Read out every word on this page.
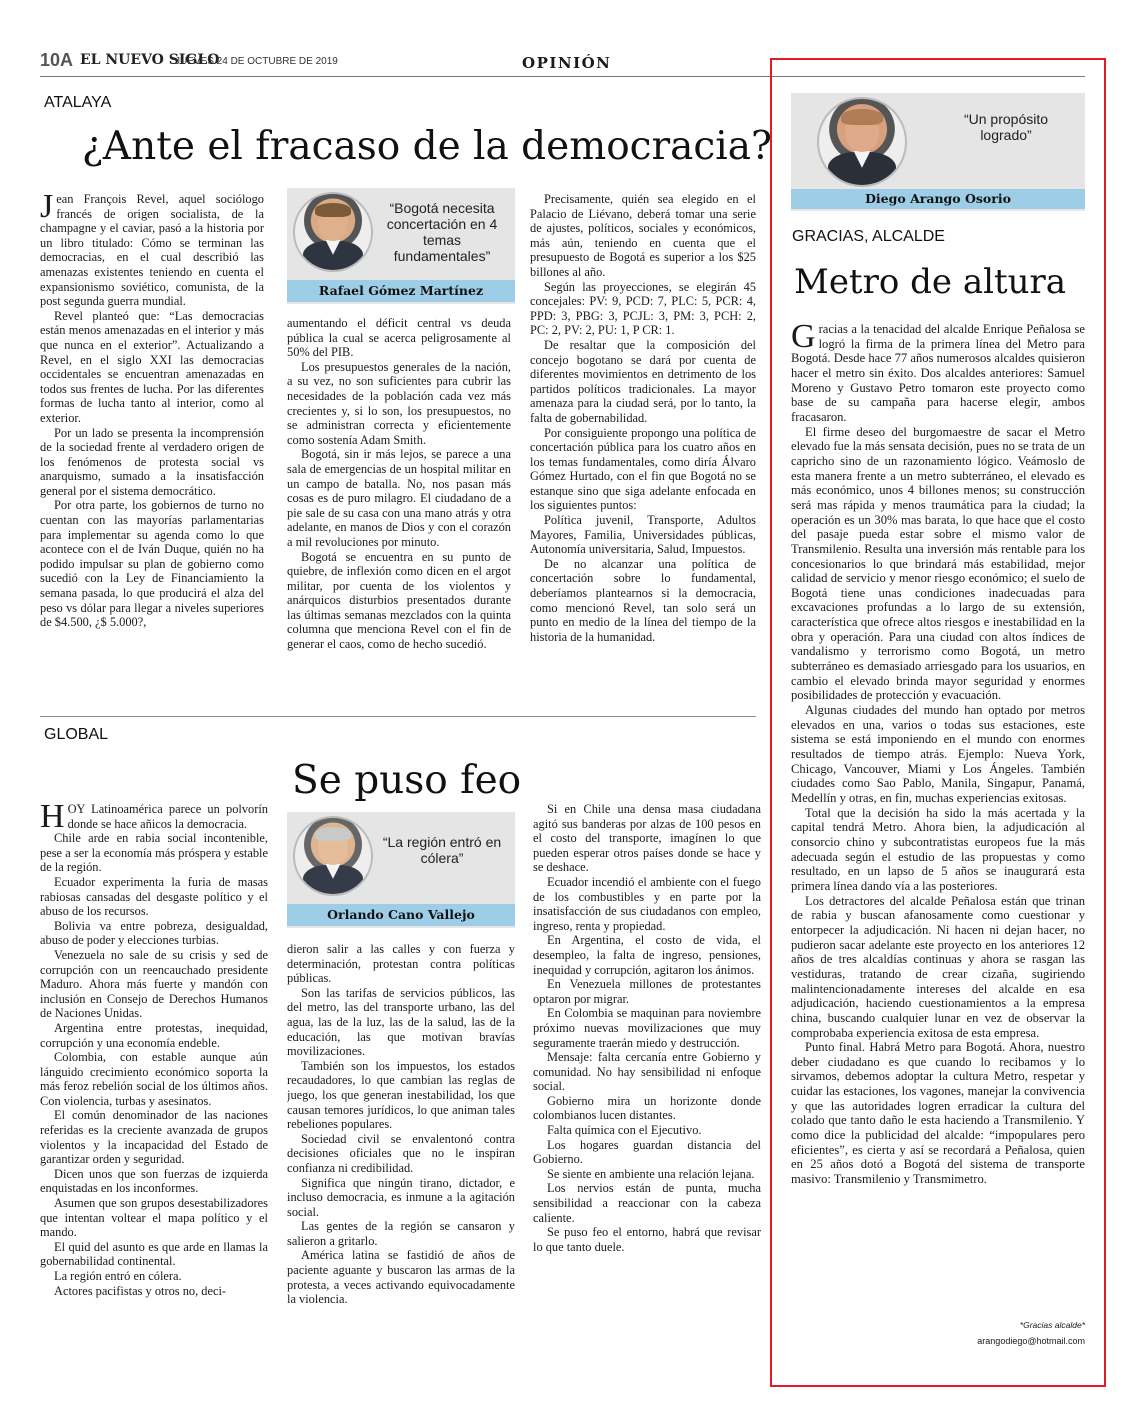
10A EL NUEVO SIGLO
JUEVES 24 DE OCTUBRE DE 2019	OPINIÓN
ATALAYA
¿Ante el fracaso de la democracia?

Jean François Revel, aquel sociólogo francés de origen socialista, de la champagne y el caviar, pasó a la historia por un libro titulado: Cómo se terminan las democracias, en el cual describió las amenazas existentes teniendo en cuenta el expansionismo soviético, comunista, de la post segunda guerra mundial.

Revel planteó que: “Las democracias están menos amenazadas en el interior y más que nunca en el exterior”. Actualizando a Revel, en el siglo XXI las democracias occidentales se encuentran amenazadas en todos sus frentes de lucha. Por las diferentes formas de lucha tanto al interior, como al exterior.

Por un lado se presenta la incomprensión de la sociedad frente al verdadero origen de los fenómenos de protesta social vs anarquismo, sumado a la insatisfacción general por el sistema democrático.

Por otra parte, los gobiernos de turno no cuentan con las mayorías parlamentarias para implementar su agenda como lo que acontece con el de Iván Duque, quién no ha podido impulsar su plan de gobierno como sucedió con la Ley de Financiamiento la semana pasada, lo que producirá el alza del peso vs dólar para llegar a niveles superiores de $4.500, ¿$ 5.000?,

“Bogotá necesita concertación en 4 temas fundamentales”
Rafael Gómez Martínez

aumentando el déficit central vs deuda pública la cual se acerca peligrosamente al 50% del PIB.

Los presupuestos generales de la nación, a su vez, no son suficientes para cubrir las necesidades de la población cada vez más crecientes y, si lo son, los presupuestos, no se administran correcta y eficientemente como sostenía Adam Smith.

Bogotá, sin ir más lejos, se parece a una sala de emergencias de un hospital militar en un campo de batalla. No, nos pasan más cosas es de puro milagro. El ciudadano de a pie sale de su casa con una mano atrás y otra adelante, en manos de Dios y con el corazón a mil revoluciones por minuto.

Bogotá se encuentra en su punto de quiebre, de inflexión como dicen en el argot militar, por cuenta de los violentos y anárquicos disturbios presentados durante las últimas semanas mezclados con la quinta columna que menciona Revel con el fin de generar el caos, como de hecho sucedió.

Precisamente, quién sea elegido en el Palacio de Liévano, deberá tomar una serie de ajustes, políticos, sociales y económicos, más aún, teniendo en cuenta que el presupuesto de Bogotá es superior a los $25 billones al año.

Según las proyecciones, se elegirán 45 concejales: PV: 9, PCD: 7, PLC: 5, PCR: 4, PPD: 3, PBG: 3, PCJL: 3, PM: 3, PCH: 2, PC: 2, PV: 2, PU: 1, P CR: 1.

De resaltar que la composición del concejo bogotano se dará por cuenta de diferentes movimientos en detrimento de los partidos políticos tradicionales. La mayor amenaza para la ciudad será, por lo tanto, la falta de gobernabilidad.

Por consiguiente propongo una política de concertación pública para los cuatro años en los temas fundamentales, como diría Álvaro Gómez Hurtado, con el fin que Bogotá no se estanque sino que siga adelante enfocada en los siguientes puntos:

Política juvenil, Transporte, Adultos Mayores, Familia, Universidades públicas, Autonomía universitaria, Salud, Impuestos.

De no alcanzar una política de concertación sobre lo fundamental, deberíamos plantearnos si la democracia, como mencionó Revel, tan solo será un punto en medio de la línea del tiempo de la historia de la humanidad.

GLOBAL
Se puso feo

HOY Latinoamérica parece un polvorín donde se hace añicos la democracia.

Chile arde en rabia social incontenible, pese a ser la economía más próspera y estable de la región.

Ecuador experimenta la furia de masas rabiosas cansadas del desgaste político y el abuso de los recursos.

Bolivia va entre pobreza, desigualdad, abuso de poder y elecciones turbias.

Venezuela no sale de su crisis y sed de corrupción con un reencauchado presidente Maduro. Ahora más fuerte y mandón con inclusión en Consejo de Derechos Humanos de Naciones Unidas.

Argentina entre protestas, inequidad, corrupción y una economía endeble.

Colombia, con estable aunque aún lánguido crecimiento económico soporta la más feroz rebelión social de los últimos años. Con violencia, turbas y asesinatos.

El común denominador de las naciones referidas es la creciente avanzada de grupos violentos y la incapacidad del Estado de garantizar orden y seguridad.

Dicen unos que son fuerzas de izquierda enquistadas en los inconformes.

Asumen que son grupos desestabilizadores que intentan voltear el mapa político y el mando.

El quid del asunto es que arde en llamas la gobernabilidad continental.

La región entró en cólera.

Actores pacifistas y otros no, deci-

“La región entró en cólera”
Orlando Cano Vallejo

dieron salir a las calles y con fuerza y determinación, protestan contra políticas públicas.

Son las tarifas de servicios públicos, las del metro, las del transporte urbano, las del agua, las de la luz, las de la salud, las de la educación, las que motivan bravías movilizaciones.

También son los impuestos, los estados recaudadores, lo que cambian las reglas de juego, los que generan inestabilidad, los que causan temores jurídicos, lo que animan tales rebeliones populares.

Sociedad civil se envalentonó contra decisiones oficiales que no le inspiran confianza ni credibilidad.

Significa que ningún tirano, dictador, e incluso democracia, es inmune a la agitación social.

Las gentes de la región se cansaron y salieron a gritarlo.

América latina se fastidió de años de paciente aguante y buscaron las armas de la protesta, a veces activando equivocadamente la violencia.

Si en Chile una densa masa ciudadana agitó sus banderas por alzas de 100 pesos en el costo del transporte, imagínen lo que pueden esperar otros países donde se hace y se deshace.

Ecuador incendió el ambiente con el fuego de los combustibles y en parte por la insatisfacción de sus ciudadanos con empleo, ingreso, renta y propiedad.

En Argentina, el costo de vida, el desempleo, la falta de ingreso, pensiones, inequidad y corrupción, agitaron los ánimos.

En Venezuela millones de protestantes optaron por migrar.

En Colombia se maquinan para noviembre próximo nuevas movilizaciones que muy seguramente traerán miedo y destrucción.

Mensaje: falta cercanía entre Gobierno y comunidad. No hay sensibilidad ni enfoque social.

Gobierno mira un horizonte donde colombianos lucen distantes.

Falta química con el Ejecutivo.

Los hogares guardan distancia del Gobierno.

Se siente en ambiente una relación lejana.

Los nervios están de punta, mucha sensibilidad a reaccionar con la cabeza caliente.

Se puso feo el entorno, habrá que revisar lo que tanto duele.

“Un propósito logrado”
Diego Arango Osorio
GRACIAS, ALCALDE
Metro de altura

Gracias a la tenacidad del alcalde Enrique Peñalosa se logró la firma de la primera línea del Metro para Bogotá. Desde hace 77 años numerosos alcaldes quisieron hacer el metro sin éxito. Dos alcaldes anteriores: Samuel Moreno y Gustavo Petro tomaron este proyecto como base de su campaña para hacerse elegir, ambos fracasaron.

El firme deseo del burgomaestre de sacar el Metro elevado fue la más sensata decisión, pues no se trata de un capricho sino de un razonamiento lógico. Veámoslo de esta manera frente a un metro subterráneo, el elevado es más económico, unos 4 billones menos; su construcción será mas rápida y menos traumática para la ciudad; la operación es un 30% mas barata, lo que hace que el costo del pasaje pueda estar sobre el mismo valor de Transmilenio. Resulta una inversión más rentable para los concesionarios lo que brindará más estabilidad, mejor calidad de servicio y menor riesgo económico; el suelo de Bogotá tiene unas condiciones inadecuadas para excavaciones profundas a lo largo de su extensión, característica que ofrece altos riesgos e inestabilidad en la obra y operación. Para una ciudad con altos índices de vandalismo y terrorismo como Bogotá, un metro subterráneo es demasiado arriesgado para los usuarios, en cambio el elevado brinda mayor seguridad y enormes posibilidades de protección y evacuación.

Algunas ciudades del mundo han optado por metros elevados en una, varios o todas sus estaciones, este sistema se está imponiendo en el mundo con enormes resultados de tiempo atrás. Ejemplo: Nueva York, Chicago, Vancouver, Miami y Los Ángeles. También ciudades como Sao Pablo, Manila, Singapur, Panamá, Medellín y otras, en fin, muchas experiencias exitosas.

Total que la decisión ha sido la más acertada y la capital tendrá Metro. Ahora bien, la adjudicación al consorcio chino y subcontratistas europeos fue la más adecuada según el estudio de las propuestas y como resultado, en un lapso de 5 años se inaugurará esta primera línea dando vía a las posteriores.

Los detractores del alcalde Peñalosa están que trinan de rabia y buscan afanosamente como cuestionar y entorpecer la adjudicación. Ni hacen ni dejan hacer, no pudieron sacar adelante este proyecto en los anteriores 12 años de tres alcaldías continuas y ahora se rasgan las vestiduras, tratando de crear cizaña, sugiriendo malintencionadamente intereses del alcalde en esa adjudicación, haciendo cuestionamientos a la empresa china, buscando cualquier lunar en vez de observar la comprobaba experiencia exitosa de esta empresa.

Punto final. Habrá Metro para Bogotá. Ahora, nuestro deber ciudadano es que cuando lo recibamos y lo sirvamos, debemos adoptar la cultura Metro, respetar y cuidar las estaciones, los vagones, manejar la convivencia y que las autoridades logren erradicar la cultura del colado que tanto daño le esta haciendo a Transmilenio. Y como dice la publicidad del alcalde: “impopulares pero eficientes”, es cierta y así se recordará a Peñalosa, quien en 25 años dotó a Bogotá del sistema de transporte masivo: Transmilenio y Transmimetro.

*Gracias alcalde*
arangodiego@hotmail.com
